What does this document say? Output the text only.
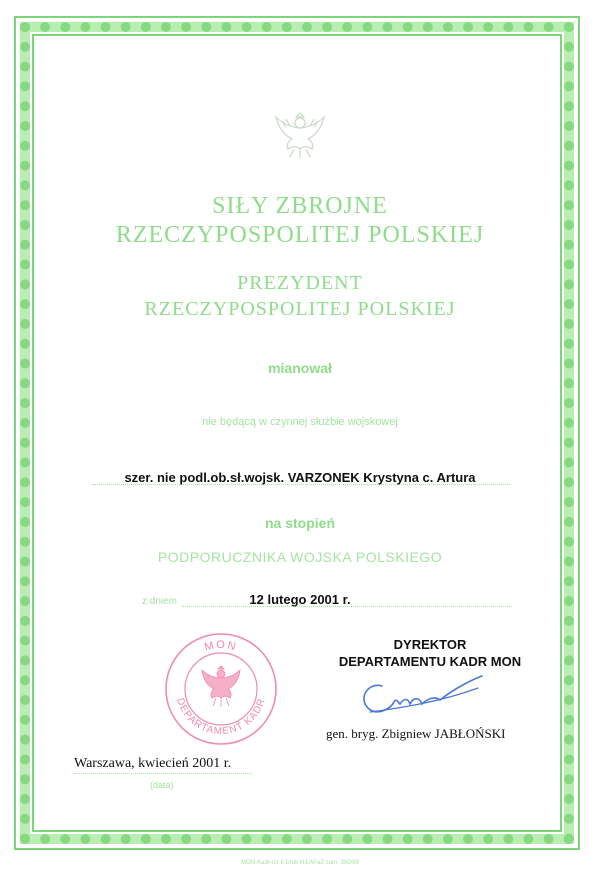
SIŁY ZBROJNE
RZECZYPOSPOLITEJ POLSKIEJ
PREZYDENT
RZECZYPOSPOLITEJ POLSKIEJ
mianował
nie będącą w czynnej służbie wojskowej
szer. nie podl.ob.sł.wojsk. VARZONEK Krystyna c. Artura
na stopień
PODPORUCZNIKA WOJSKA POLSKIEGO
z dniem	12 lutego 2001 r.
MON
DEPARTAMENT KADR
DYREKTOR
DEPARTAMENTU KADR MON
gen. bryg. Zbigniew JABŁOŃSKI
Warszawa, kwiecień 2001 r.
(data)
MON-Kadr-rzr 6 Druk H.ŁAPaZ zam. 350/99
